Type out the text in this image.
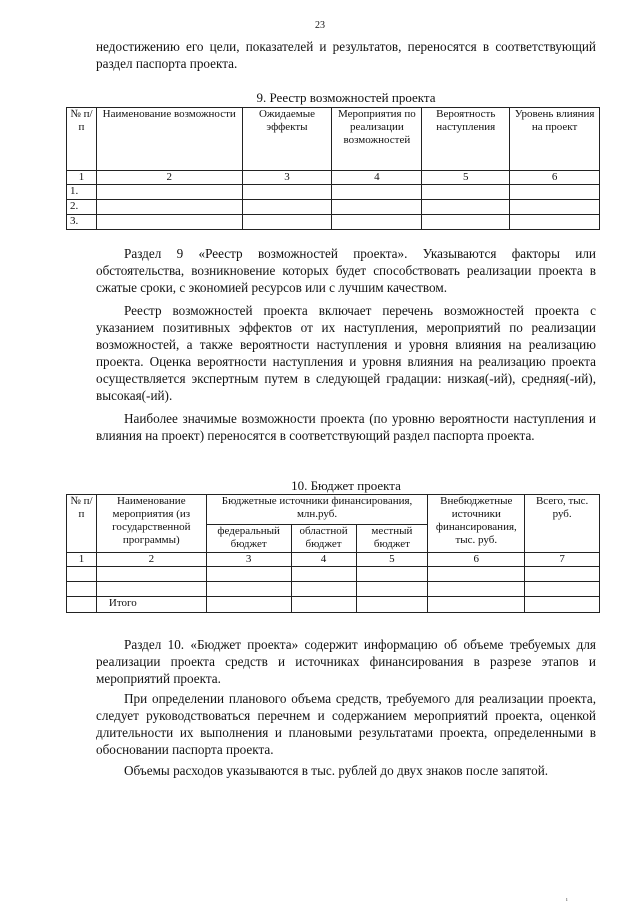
23

недостижению его цели, показателей и результатов, переносятся в соответствующий раздел паспорта проекта.

9. Реестр возможностей проекта

№ п/п	Наименование возможности	Ожидаемые эффекты	Мероприятия по реализации возможностей	Вероятность наступления	Уровень влияния на проект
1	2	3	4	5	6
1.					
2.					
3.					

Раздел 9 «Реестр возможностей проекта». Указываются факторы или обстоятельства, возникновение которых будет способствовать реализации проекта в сжатые сроки, с экономией ресурсов или с лучшим качеством.

Реестр возможностей проекта включает перечень возможностей проекта с указанием позитивных эффектов от их наступления, мероприятий по реализации возможностей, а также вероятности наступления и уровня влияния на реализацию проекта. Оценка вероятности наступления и уровня влияния на реализацию проекта осуществляется экспертным путем в следующей градации: низкая(-ий), средняя(-ий), высокая(-ий).

Наиболее значимые возможности проекта (по уровню вероятности наступления и влияния на проект) переносятся в соответствующий раздел паспорта проекта.

10. Бюджет проекта

№ п/п	Наименование мероприятия (из государственной программы)	Бюджетные источники финансирования, млн.руб.			Внебюджетные источники финансирования, тыс. руб.	Всего, тыс. руб.
		федеральный бюджет	областной бюджет	местный бюджет		
1	2	3	4	5	6	7

	Итого					

Раздел 10. «Бюджет проекта» содержит информацию об объеме требуемых для реализации проекта средств и источниках финансирования в разрезе этапов и мероприятий проекта.

При определении планового объема средств, требуемого для реализации проекта, следует руководствоваться перечнем и содержанием мероприятий проекта, оценкой длительности их выполнения и плановыми результатами проекта, определенными в обосновании паспорта проекта.

Объемы расходов указываются в тыс. рублей до двух знаков после запятой.

ı
